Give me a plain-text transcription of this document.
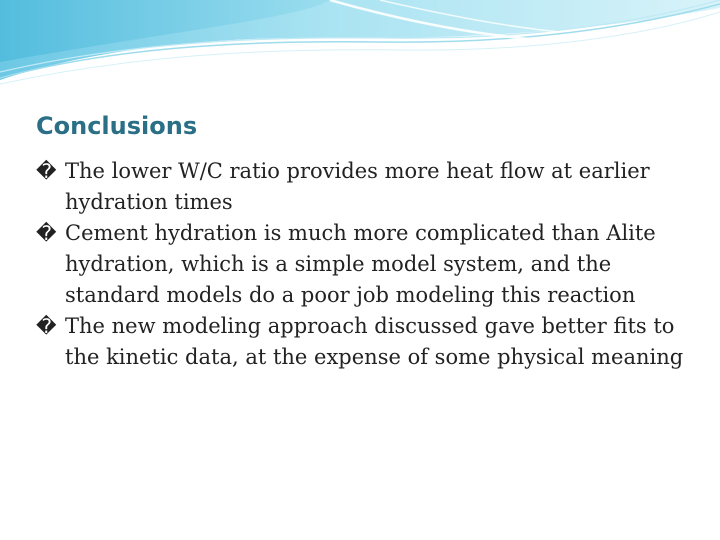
Conclusions
� The lower W/C ratio provides more heat flow at earlier hydration times
� Cement hydration is much more complicated than Alite hydration, which is a simple model system, and the standard models do a poor job modeling this reaction
� The new modeling approach discussed gave better fits to the kinetic data, at the expense of some physical meaning
